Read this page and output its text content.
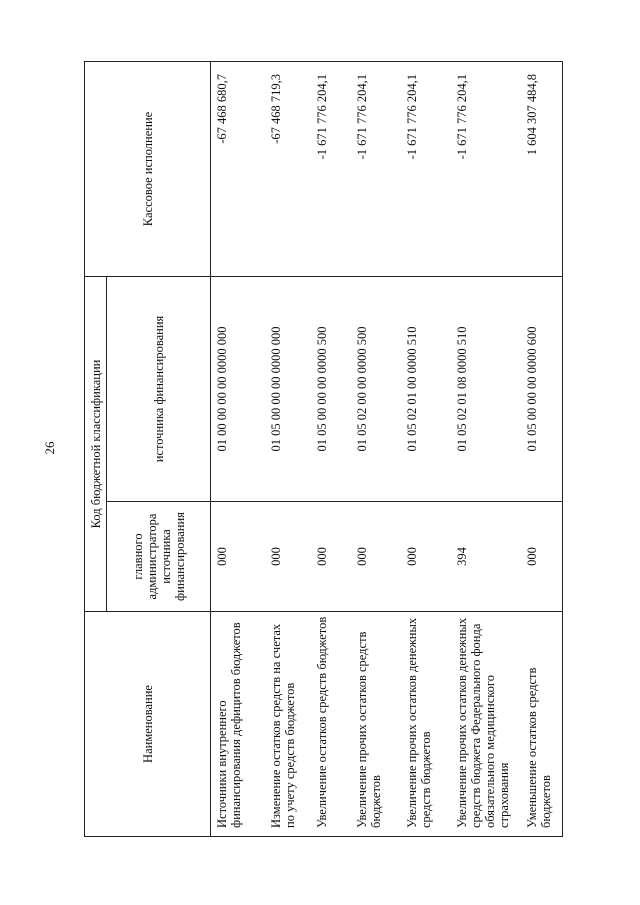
26
Наименование	Код бюджетной классификации		Кассовое исполнение
	главного администратора источника финансирования	источника финансирования	
Источники внутреннего финансирования дефицитов бюджетов	000	01 00 00 00 00 0000 000	-67 468 680,7
Изменение остатков средств на счетах по учету средств бюджетов	000	01 05 00 00 00 0000 000	-67 468 719,3
Увеличение остатков средств бюджетов	000	01 05 00 00 00 0000 500	-1 671 776 204,1
Увеличение прочих остатков средств бюджетов	000	01 05 02 00 00 0000 500	-1 671 776 204,1
Увеличение прочих остатков денежных средств бюджетов	000	01 05 02 01 00 0000 510	-1 671 776 204,1
Увеличение прочих остатков денежных средств бюджета Федерального фонда обязательного медицинского страхования	394	01 05 02 01 08 0000 510	-1 671 776 204,1
Уменьшение остатков средств бюджетов	000	01 05 00 00 00 0000 600	1 604 307 484,8
